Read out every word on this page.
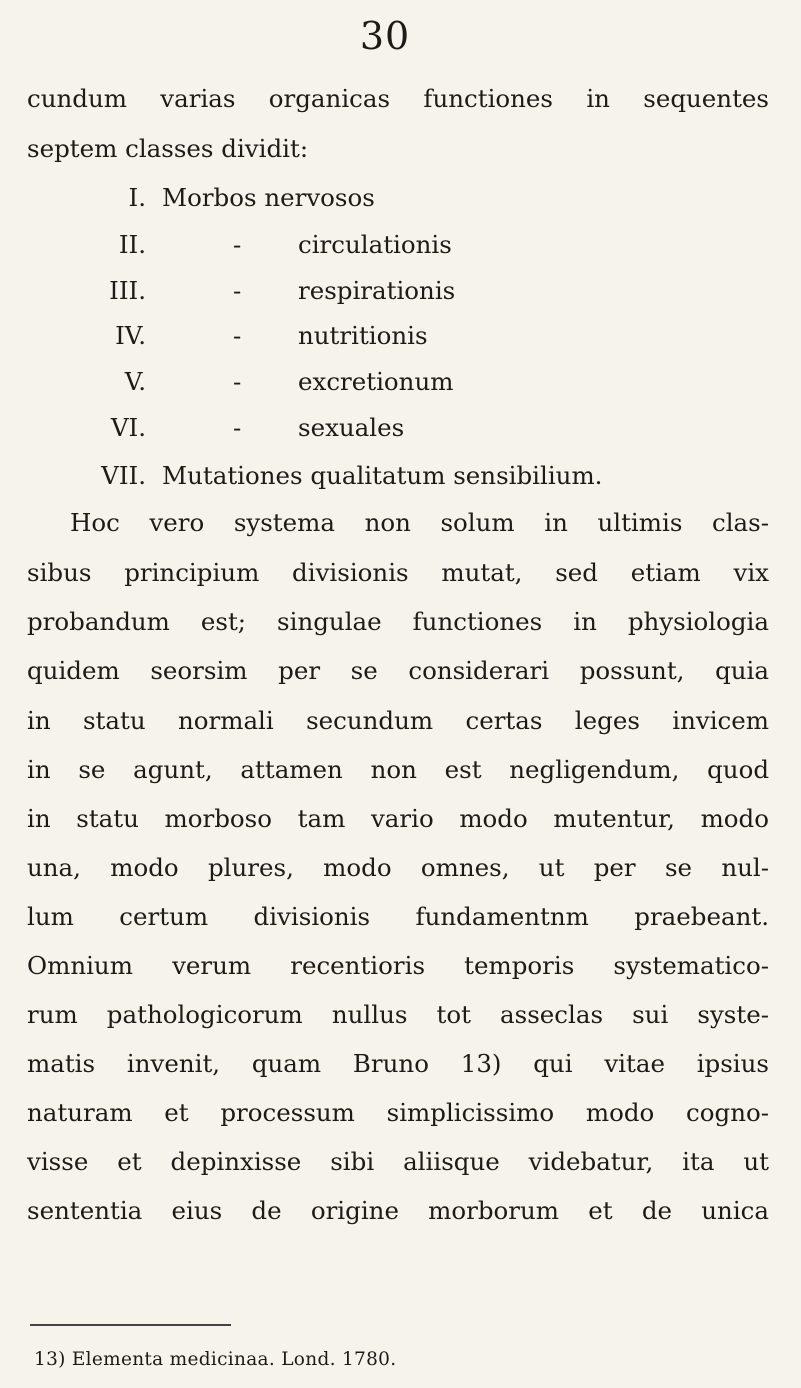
30
cundum varias organicas functiones in sequentes
septem classes dividit:
I. Morbos nervosos
II.	- circulationis
III.	- respirationis
IV.	- nutritionis
V.	- excretionum
VI.	- sexuales
VII. Mutationes qualitatum sensibilium.
Hoc vero systema non solum in ultimis clas-
sibus principium divisionis mutat, sed etiam vix
probandum est; singulae functiones in physiologia
quidem seorsim per se considerari possunt, quia
in statu normali secundum certas leges invicem
in se agunt, attamen non est negligendum, quod
in statu morboso tam vario modo mutentur, modo
una, modo plures, modo omnes, ut per se nul-
lum certum divisionis fundamentnm praebeant.
Omnium verum recentioris temporis systematico-
rum pathologicorum nullus tot asseclas sui syste-
matis invenit, quam Bruno 13) qui vitae ipsius
naturam et processum simplicissimo modo cogno-
visse et depinxisse sibi aliisque videbatur, ita ut
sententia eius de origine morborum et de unica
13) Elementa medicinaa. Lond. 1780.
